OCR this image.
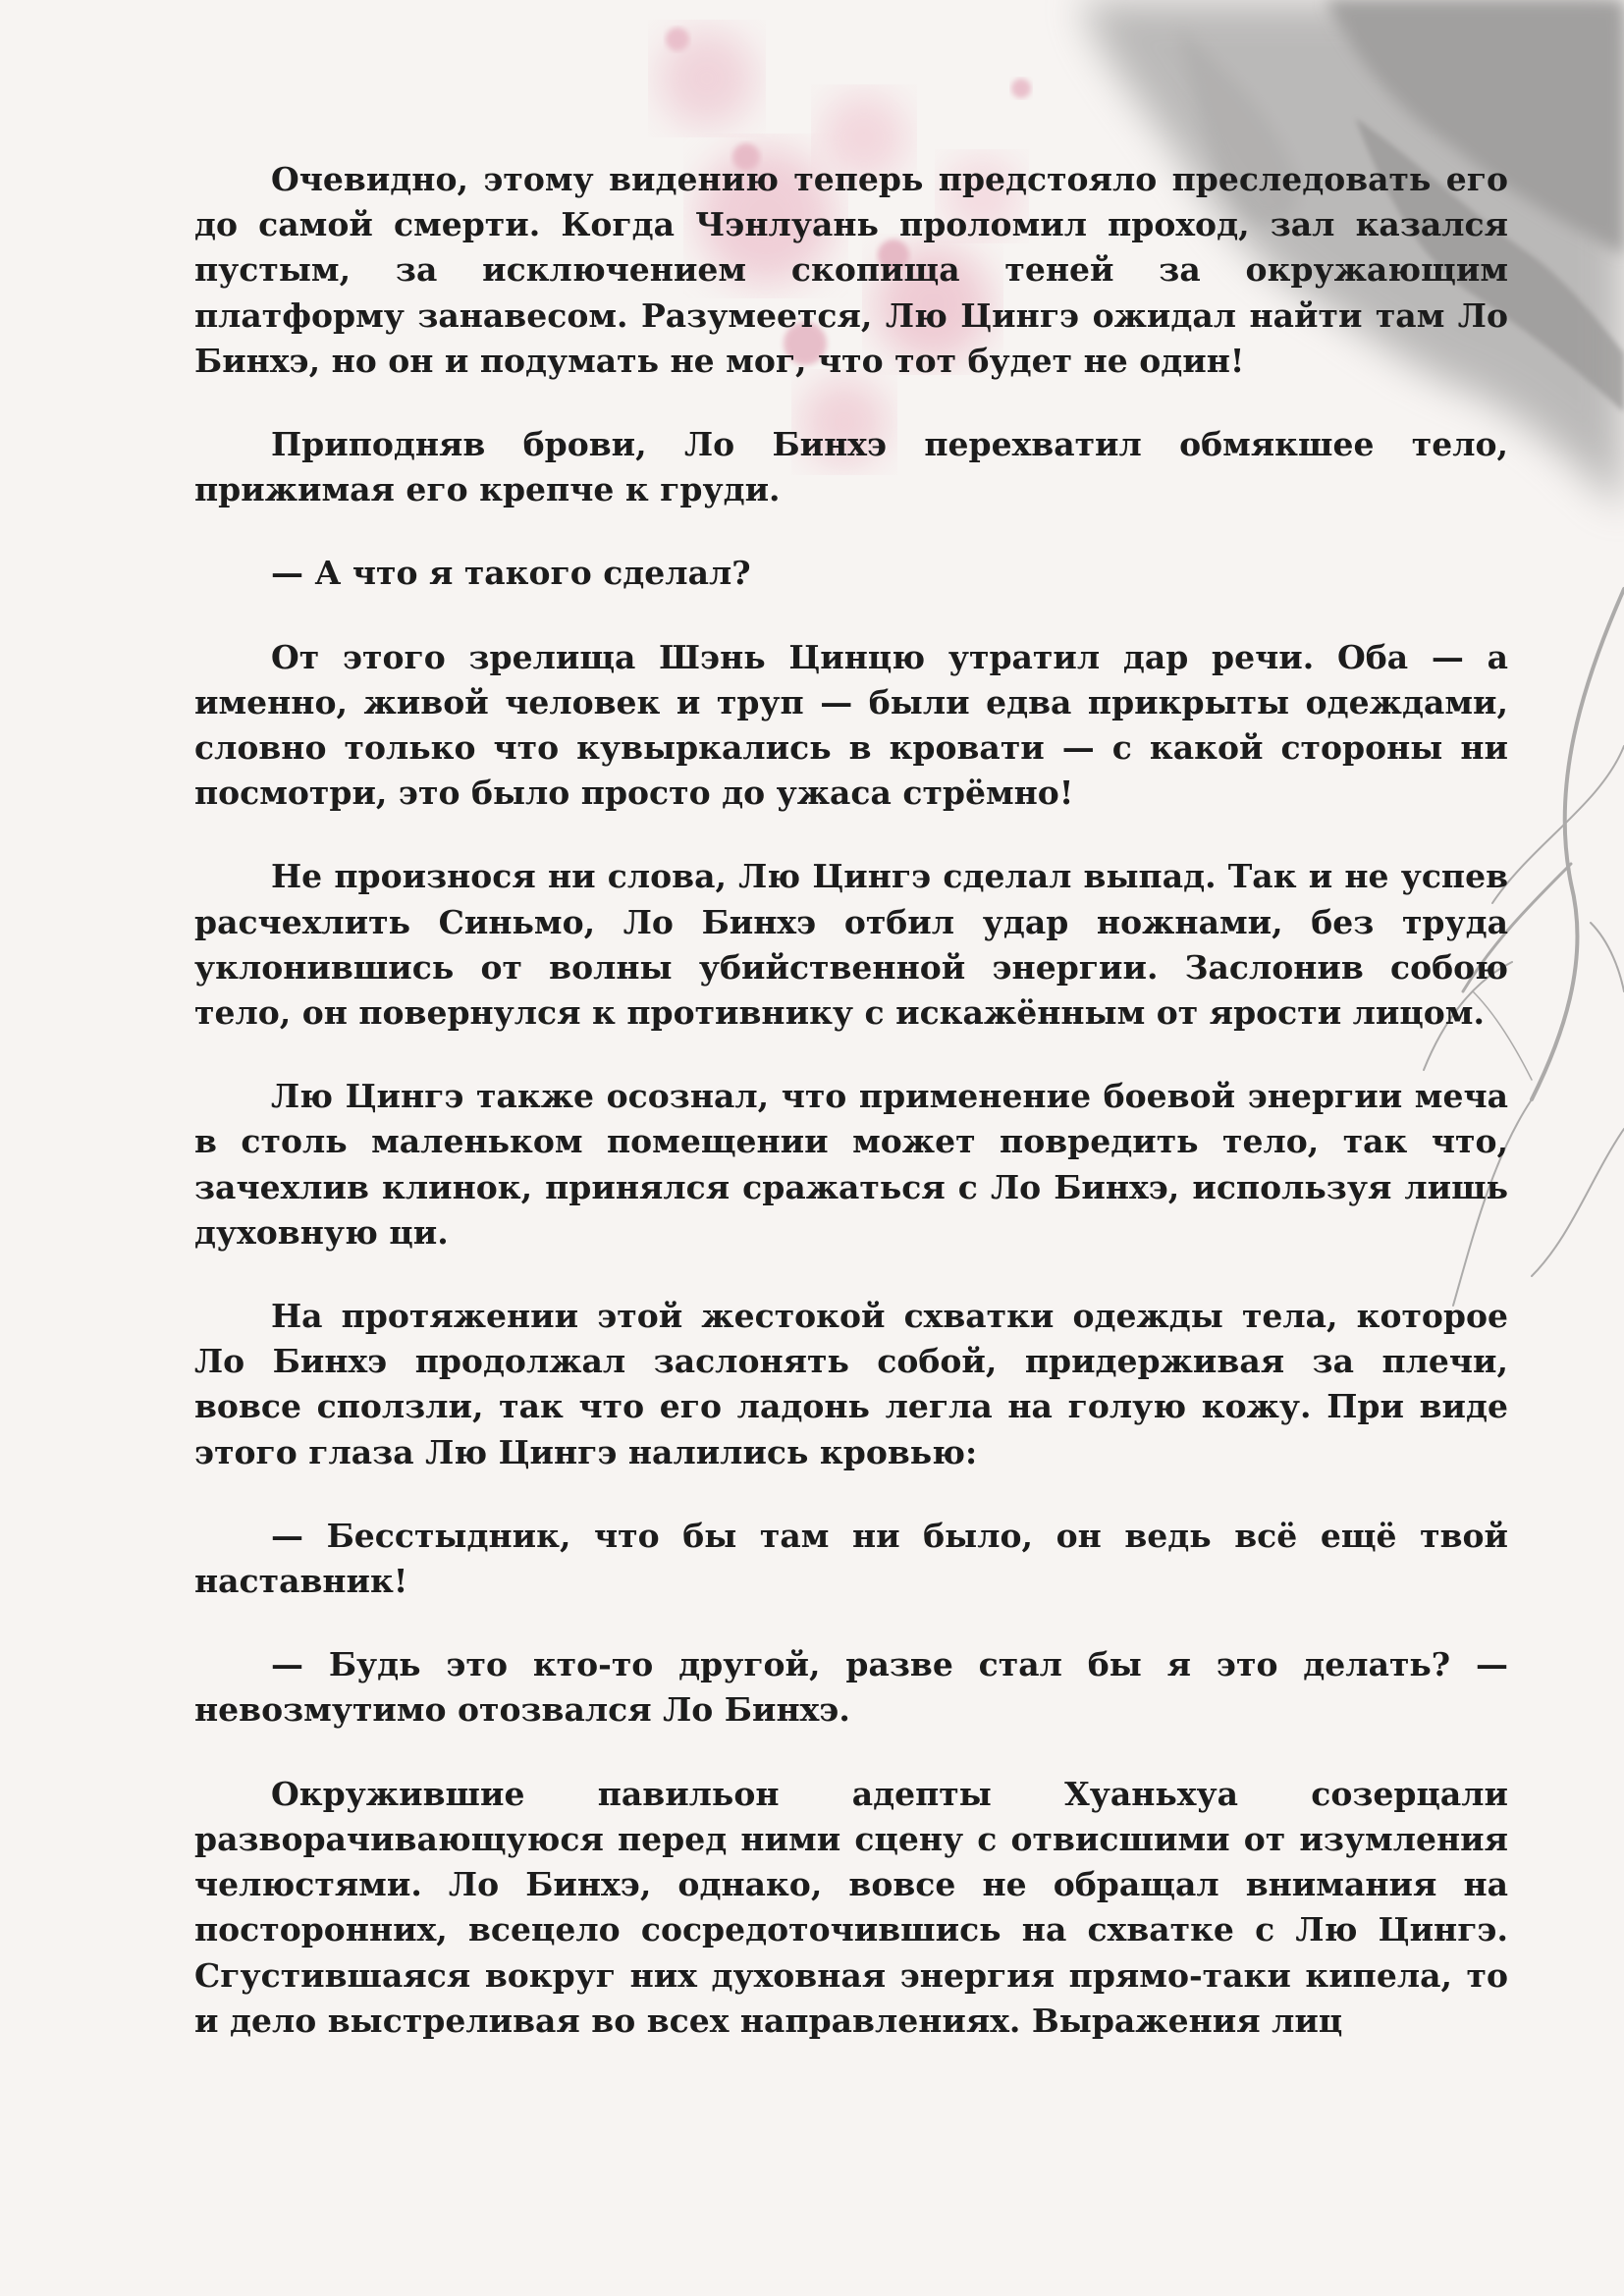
Очевидно, этому видению теперь предстояло преследовать его до самой смерти. Когда Чэнлуань проломил проход, зал казался пустым, за исключением скопища теней за окружающим платформу занавесом. Разумеется, Лю Цингэ ожидал найти там Ло Бинхэ, но он и подумать не мог, что тот будет не один!

Приподняв брови, Ло Бинхэ перехватил обмякшее тело, прижимая его крепче к груди.

— А что я такого сделал?

От этого зрелища Шэнь Цинцю утратил дар речи. Оба — а именно, живой человек и труп — были едва прикрыты одеждами, словно только что кувыркались в кровати — с какой стороны ни посмотри, это было просто до ужаса стрёмно!

Не произнося ни слова, Лю Цингэ сделал выпад. Так и не успев расчехлить Синьмо, Ло Бинхэ отбил удар ножнами, без труда уклонившись от волны убийственной энергии. Заслонив собою тело, он повернулся к противнику с искажённым от ярости лицом.

Лю Цингэ также осознал, что применение боевой энергии меча в столь маленьком помещении может повредить тело, так что, зачехлив клинок, принялся сражаться с Ло Бинхэ, используя лишь духовную ци.

На протяжении этой жестокой схватки одежды тела, которое Ло Бинхэ продолжал заслонять собой, придерживая за плечи, вовсе сползли, так что его ладонь легла на голую кожу. При виде этого глаза Лю Цингэ налились кровью:

— Бесстыдник, что бы там ни было, он ведь всё ещё твой наставник!

— Будь это кто-то другой, разве стал бы я это делать? — невозмутимо отозвался Ло Бинхэ.

Окружившие павильон адепты Хуаньхуа созерцали разворачивающуюся перед ними сцену с отвисшими от изумления челюстями. Ло Бинхэ, однако, вовсе не обращал внимания на посторонних, всецело сосредоточившись на схватке с Лю Цингэ. Сгустившаяся вокруг них духовная энергия прямо-таки кипела, то и дело выстреливая во всех направлениях. Выражения лиц
